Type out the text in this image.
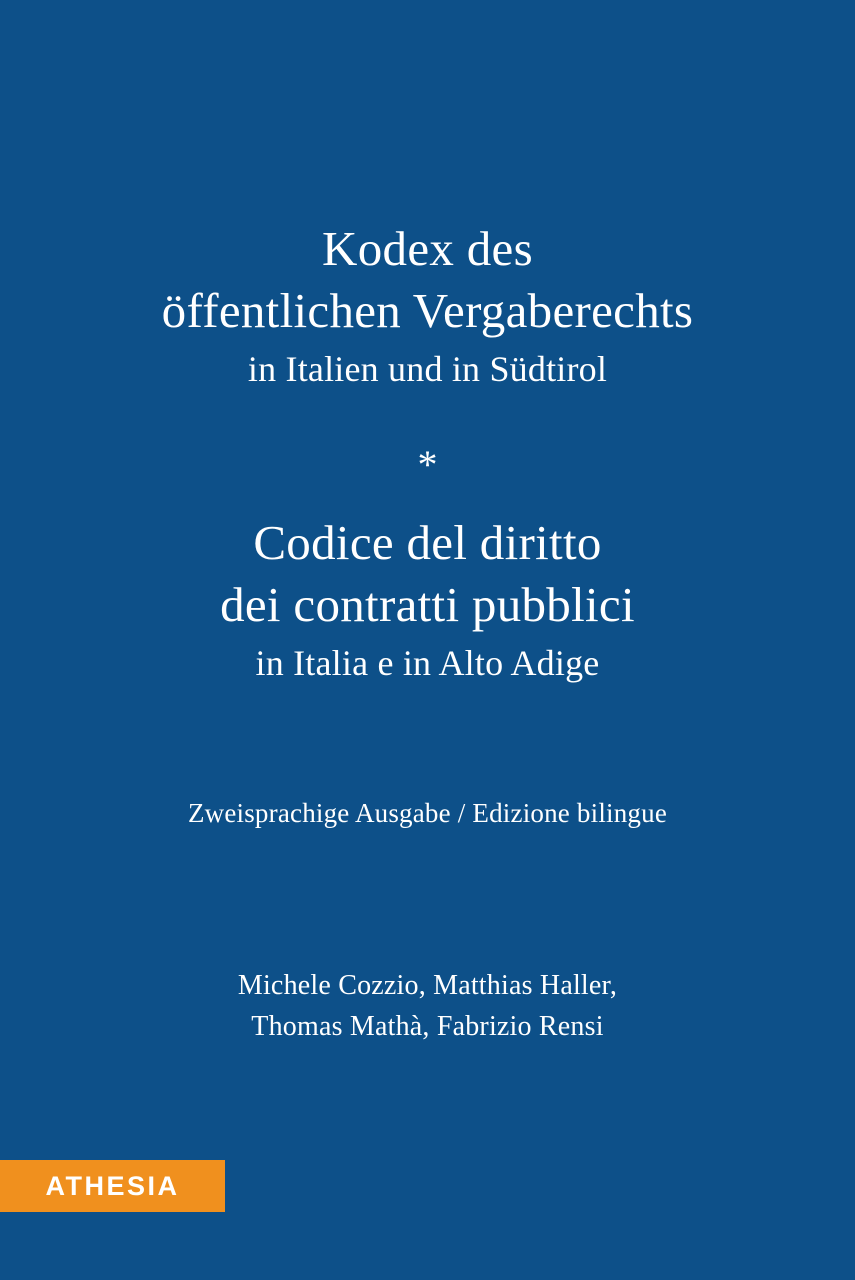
Kodex des
öffentlichen Vergaberechts
in Italien und in Südtirol
*
Codice del diritto
dei contratti pubblici
in Italia e in Alto Adige
Zweisprachige Ausgabe / Edizione bilingue
Michele Cozzio, Matthias Haller,
Thomas Mathà, Fabrizio Rensi
ATHESIA
